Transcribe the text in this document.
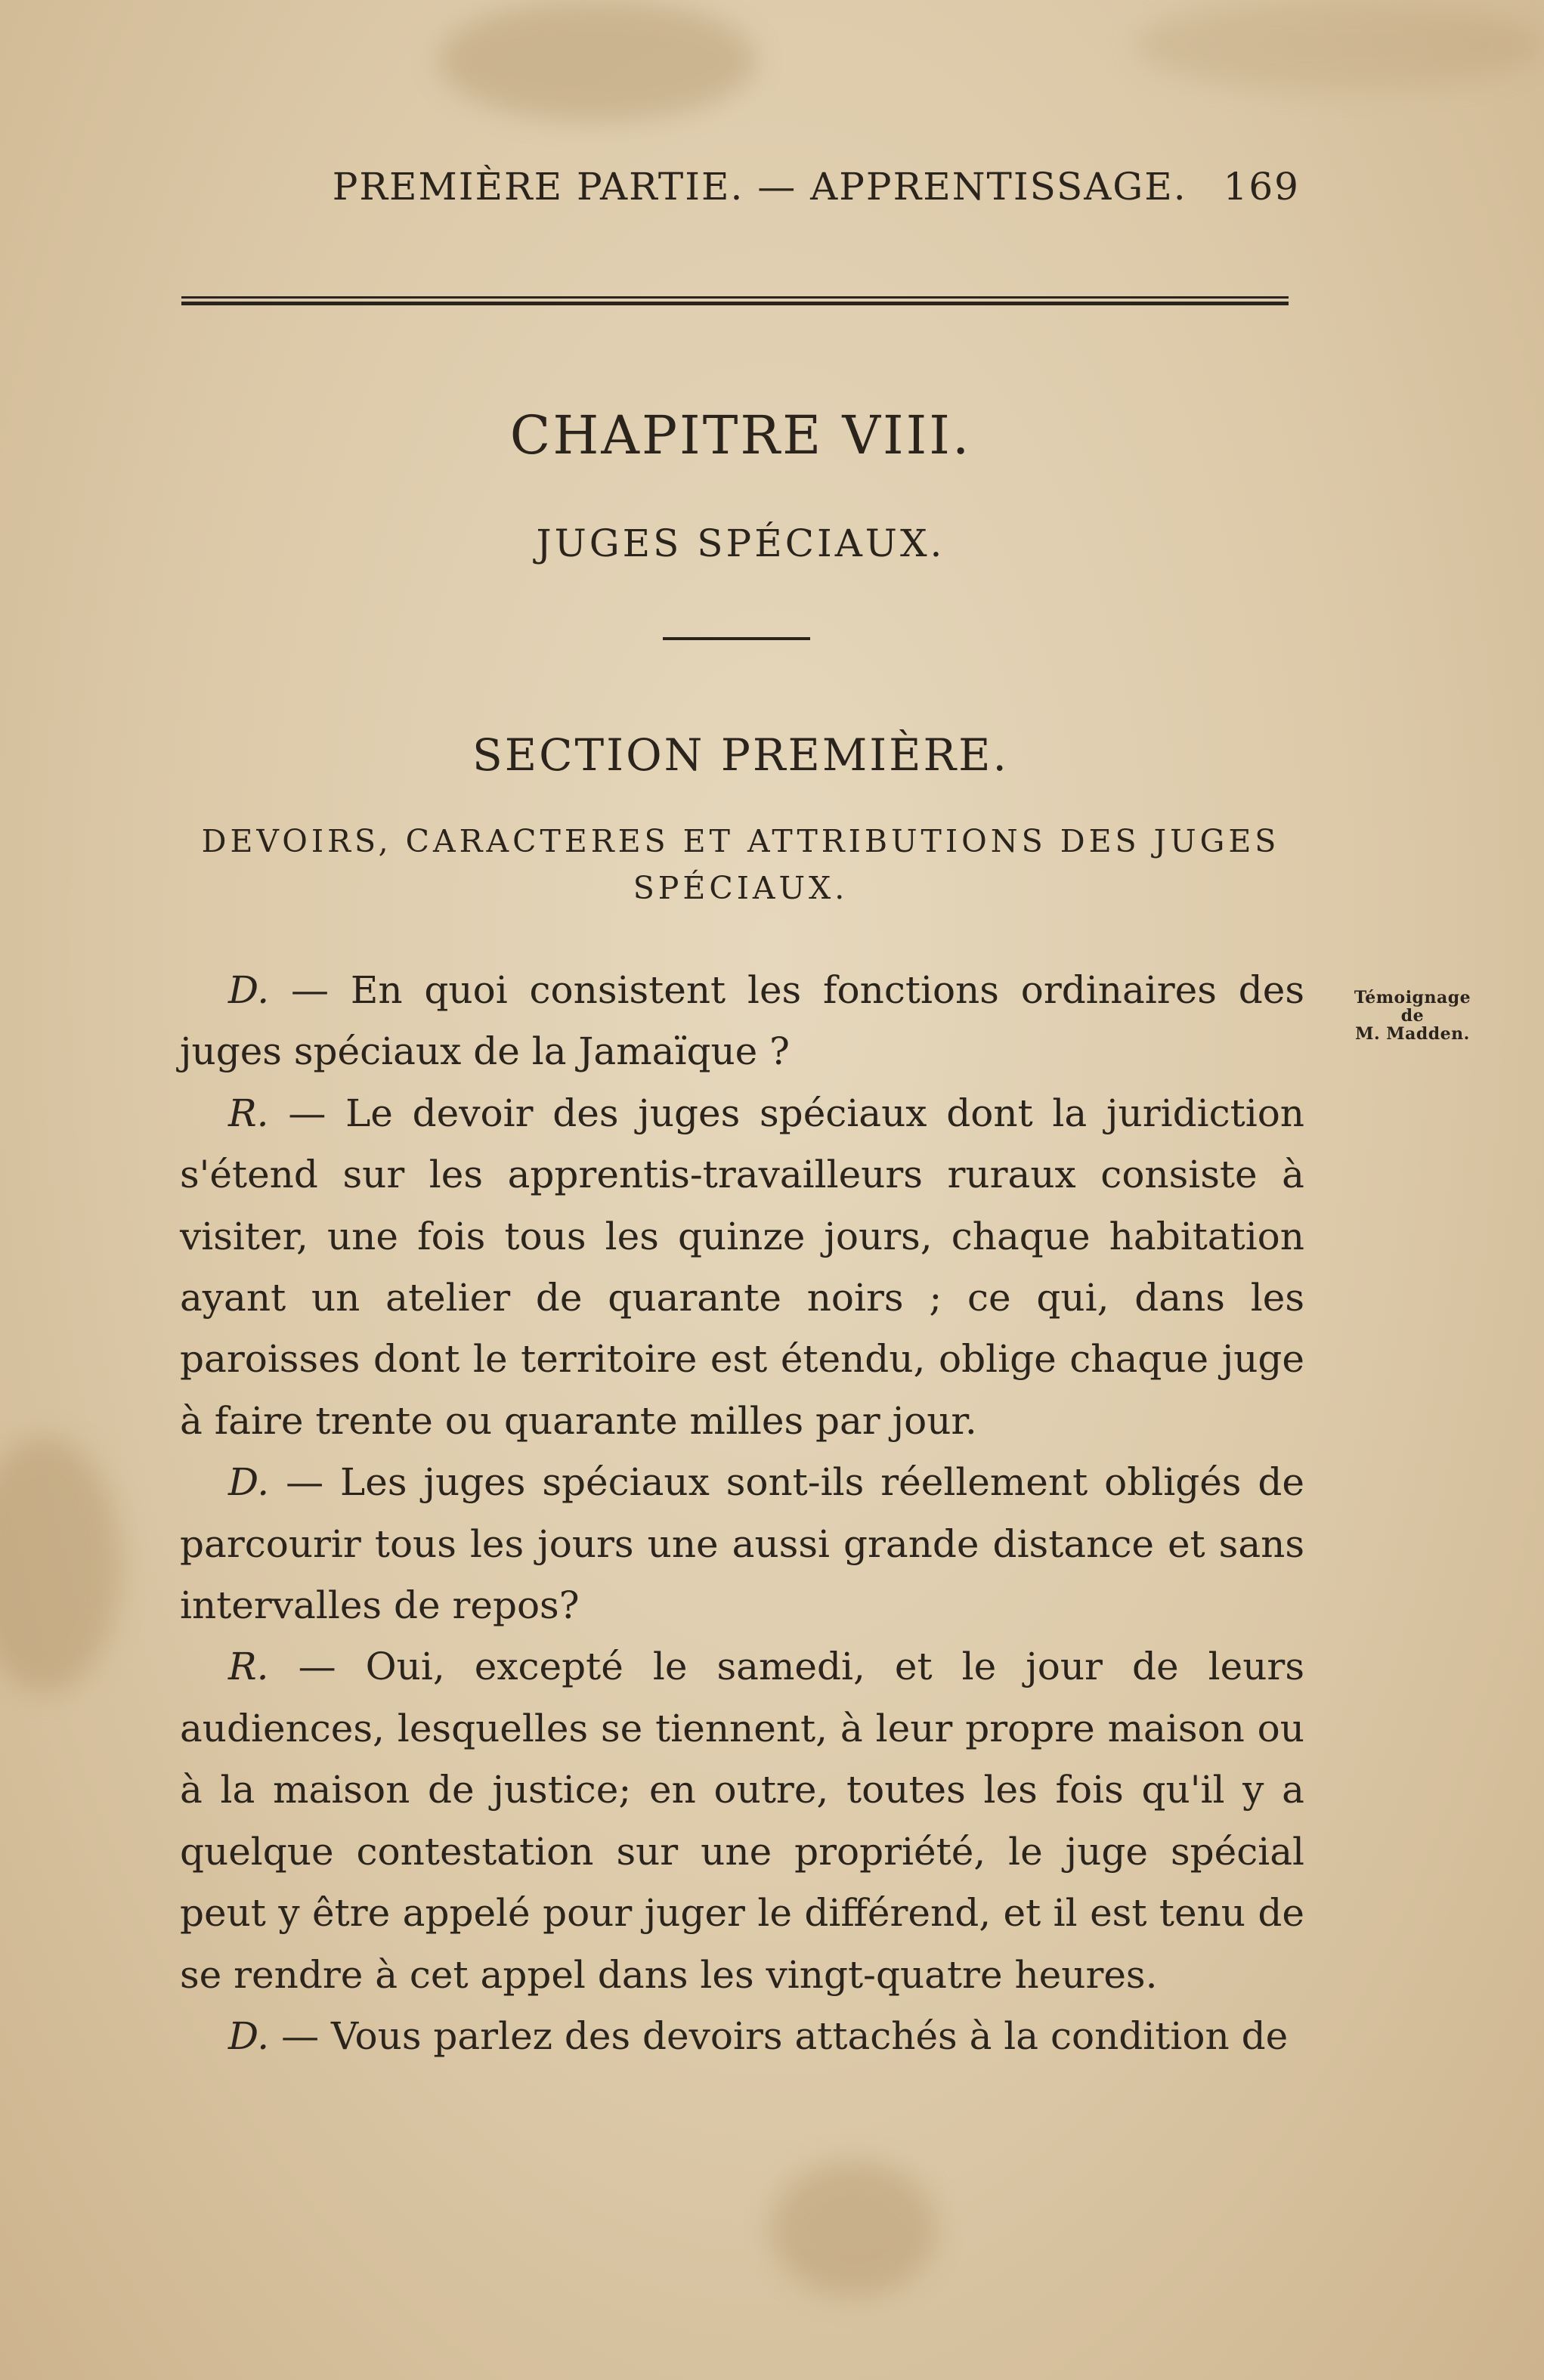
PREMIÈRE PARTIE. — APPRENTISSAGE. 169
CHAPITRE VIII.
JUGES SPÉCIAUX.
SECTION PREMIÈRE.
DEVOIRS, CARACTERES ET ATTRIBUTIONS DES JUGES SPÉCIAUX.
Témoignage
de
M. Madden.

D. — En quoi consistent les fonctions ordinaires des juges spéciaux de la Jamaïque ?

R. — Le devoir des juges spéciaux dont la juridiction s'étend sur les apprentis-travailleurs ruraux consiste à visiter, une fois tous les quinze jours, chaque habitation ayant un atelier de quarante noirs ; ce qui, dans les paroisses dont le territoire est étendu, oblige chaque juge à faire trente ou quarante milles par jour.

D. — Les juges spéciaux sont-ils réellement obligés de parcourir tous les jours une aussi grande distance et sans intervalles de repos?

R. — Oui, excepté le samedi, et le jour de leurs audiences, lesquelles se tiennent, à leur propre maison ou à la maison de justice; en outre, toutes les fois qu'il y a quelque contestation sur une propriété, le juge spécial peut y être appelé pour juger le différend, et il est tenu de se rendre à cet appel dans les vingt-quatre heures.

D. — Vous parlez des devoirs attachés à la condition de
